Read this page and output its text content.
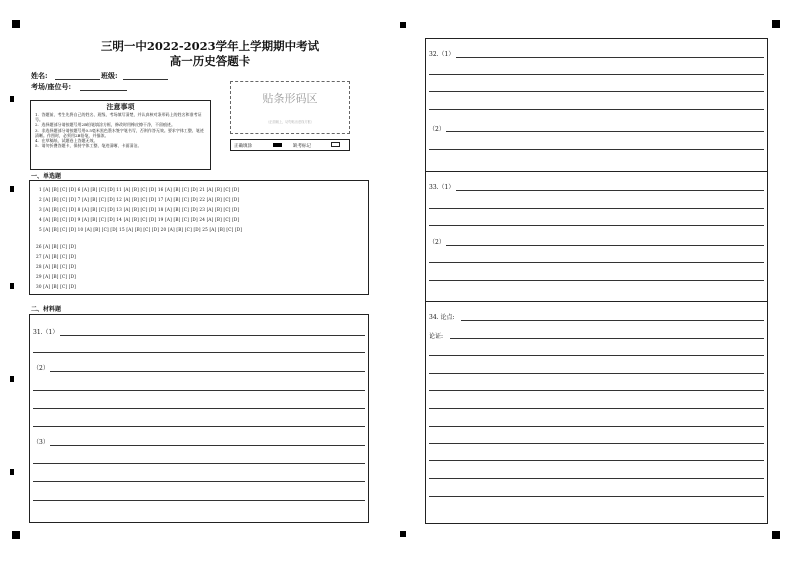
三明一中2022-2023学年上学期期中考试
高一历史答题卡
姓名:	班级:
考场/座位号:
注意事项

1．答题前，考生先将自己的姓名、班级、考场填写清楚，并认真核对条形码上的姓名和准考证号。

2．选择题部分请按题号用2B铅笔填涂方框，修改时用橡皮擦干净，不留痕迹。

3．非选择题部分请按题号用0.5毫米黑色墨水签字笔书写，否则作答无效。要求字体工整、笔迹清晰。作图时，必须用2B铅笔，并描浓。

4．在草稿纸、试题卷上答题无效。

5．请勿折叠答题卡，保持字体工整、笔迹清晰、卡面清洁。

贴条形码区
（正面朝上，切勿贴出虚线方框）
正确填涂	缺考标记
一、单选题
1 [A] [B] [C] [D] 6 [A] [B] [C] [D] 11 [A] [B] [C] [D] 16 [A] [B] [C] [D] 21 [A] [B] [C] [D]
2 [A] [B] [C] [D] 7 [A] [B] [C] [D] 12 [A] [B] [C] [D] 17 [A] [B] [C] [D] 22 [A] [B] [C] [D]
3 [A] [B] [C] [D] 8 [A] [B] [C] [D] 13 [A] [B] [C] [D] 18 [A] [B] [C] [D] 23 [A] [B] [C] [D]
4 [A] [B] [C] [D] 9 [A] [B] [C] [D] 14 [A] [B] [C] [D] 19 [A] [B] [C] [D] 24 [A] [B] [C] [D]
5 [A] [B] [C] [D] 10 [A] [B] [C] [D] 15 [A] [B] [C] [D] 20 [A] [B] [C] [D] 25 [A] [B] [C] [D]
26 [A] [B] [C] [D]
27 [A] [B] [C] [D]
28 [A] [B] [C] [D]
29 [A] [B] [C] [D]
30 [A] [B] [C] [D]
二、材料题
31.（1）
（2）
（3）
32.（1）
（2）
33.（1）
（2）
34. 论点:
论证:
